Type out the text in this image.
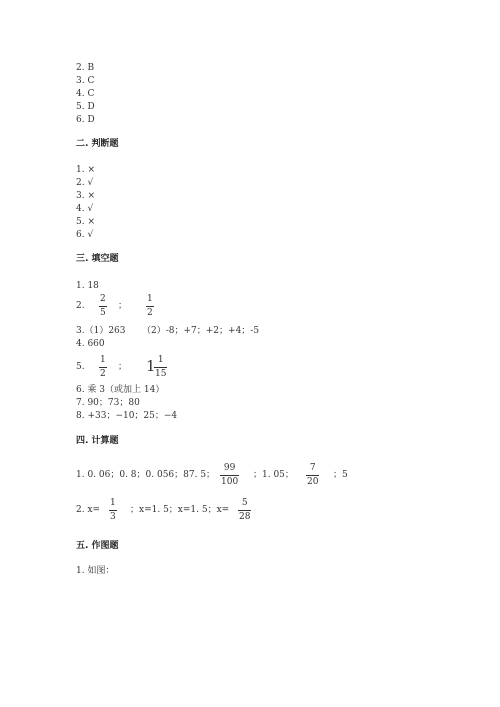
2. B
3. C
4. C
5. D
6. D
二. 判断题
1. ×
2. √
3. ×
4. √
5. ×
6. √
三. 填空题
1. 18
2.
2
5
；
1
2
3.（1）263 （2）-8；+7；+2；+4；-5
4. 660
5.
1
2
； 1 1
15
6. 乘 3（或加上 14）
7. 90；73；80
8. +33；−10；25；−4
四. 计算题
1. 0. 06；0. 8；0. 056；87. 5；
99
100
；1. 05；
7
20
；5
2. x=
1
3
；x=1. 5；x=1. 5；x=
5
28
五. 作图题
1. 如图：
